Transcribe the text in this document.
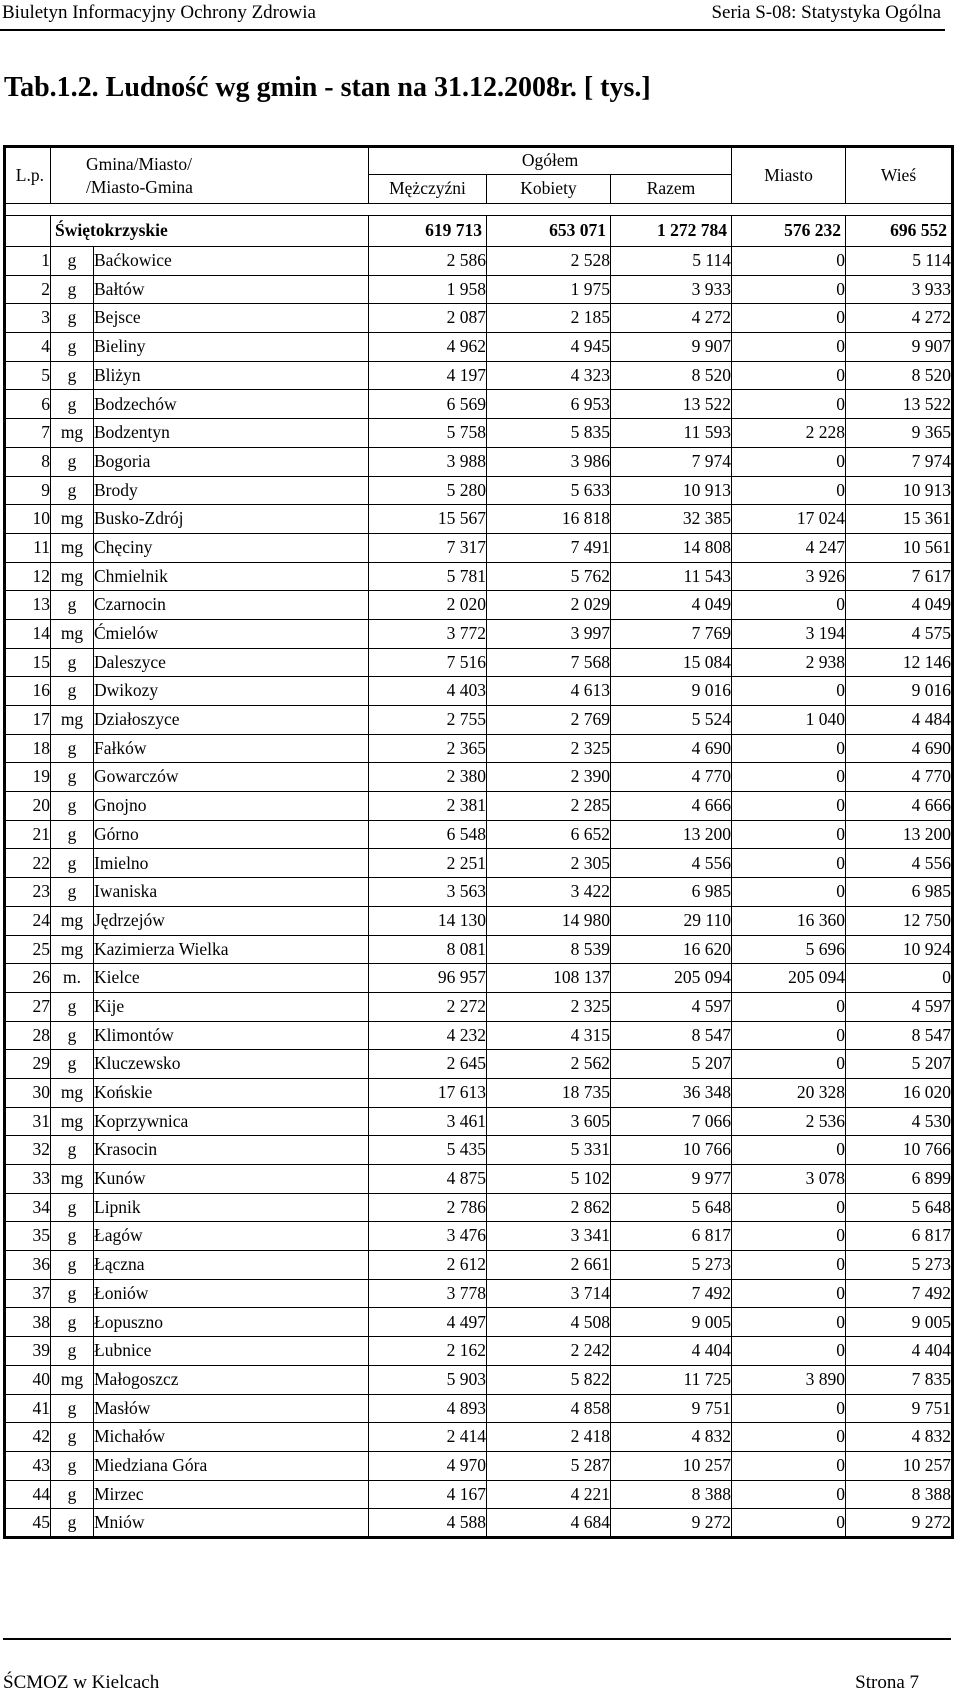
Biuletyn Informacyjny Ochrony Zdrowia	Seria S-08: Statystyka Ogólna
Tab.1.2. Ludność wg gmin - stan na 31.12.2008r. [ tys.]
L.p.	Gmina/Miasto/
/Miasto-Gmina		Ogółem			Miasto	Wieś
			Mężczyźni	Kobiety	Razem		

	Świętokrzyskie		619 713	653 071	1 272 784	576 232	696 552
1	g	Baćkowice	2 586	2 528	5 114	0	5 114
2	g	Bałtów	1 958	1 975	3 933	0	3 933
3	g	Bejsce	2 087	2 185	4 272	0	4 272
4	g	Bieliny	4 962	4 945	9 907	0	9 907
5	g	Bliżyn	4 197	4 323	8 520	0	8 520
6	g	Bodzechów	6 569	6 953	13 522	0	13 522
7	mg	Bodzentyn	5 758	5 835	11 593	2 228	9 365
8	g	Bogoria	3 988	3 986	7 974	0	7 974
9	g	Brody	5 280	5 633	10 913	0	10 913
10	mg	Busko-Zdrój	15 567	16 818	32 385	17 024	15 361
11	mg	Chęciny	7 317	7 491	14 808	4 247	10 561
12	mg	Chmielnik	5 781	5 762	11 543	3 926	7 617
13	g	Czarnocin	2 020	2 029	4 049	0	4 049
14	mg	Ćmielów	3 772	3 997	7 769	3 194	4 575
15	g	Daleszyce	7 516	7 568	15 084	2 938	12 146
16	g	Dwikozy	4 403	4 613	9 016	0	9 016
17	mg	Działoszyce	2 755	2 769	5 524	1 040	4 484
18	g	Fałków	2 365	2 325	4 690	0	4 690
19	g	Gowarczów	2 380	2 390	4 770	0	4 770
20	g	Gnojno	2 381	2 285	4 666	0	4 666
21	g	Górno	6 548	6 652	13 200	0	13 200
22	g	Imielno	2 251	2 305	4 556	0	4 556
23	g	Iwaniska	3 563	3 422	6 985	0	6 985
24	mg	Jędrzejów	14 130	14 980	29 110	16 360	12 750
25	mg	Kazimierza Wielka	8 081	8 539	16 620	5 696	10 924
26	m.	Kielce	96 957	108 137	205 094	205 094	0
27	g	Kije	2 272	2 325	4 597	0	4 597
28	g	Klimontów	4 232	4 315	8 547	0	8 547
29	g	Kluczewsko	2 645	2 562	5 207	0	5 207
30	mg	Końskie	17 613	18 735	36 348	20 328	16 020
31	mg	Koprzywnica	3 461	3 605	7 066	2 536	4 530
32	g	Krasocin	5 435	5 331	10 766	0	10 766
33	mg	Kunów	4 875	5 102	9 977	3 078	6 899
34	g	Lipnik	2 786	2 862	5 648	0	5 648
35	g	Łagów	3 476	3 341	6 817	0	6 817
36	g	Łączna	2 612	2 661	5 273	0	5 273
37	g	Łoniów	3 778	3 714	7 492	0	7 492
38	g	Łopuszno	4 497	4 508	9 005	0	9 005
39	g	Łubnice	2 162	2 242	4 404	0	4 404
40	mg	Małogoszcz	5 903	5 822	11 725	3 890	7 835
41	g	Masłów	4 893	4 858	9 751	0	9 751
42	g	Michałów	2 414	2 418	4 832	0	4 832
43	g	Miedziana Góra	4 970	5 287	10 257	0	10 257
44	g	Mirzec	4 167	4 221	8 388	0	8 388
45	g	Mniów	4 588	4 684	9 272	0	9 272
ŚCMOZ w Kielcach	Strona 7
